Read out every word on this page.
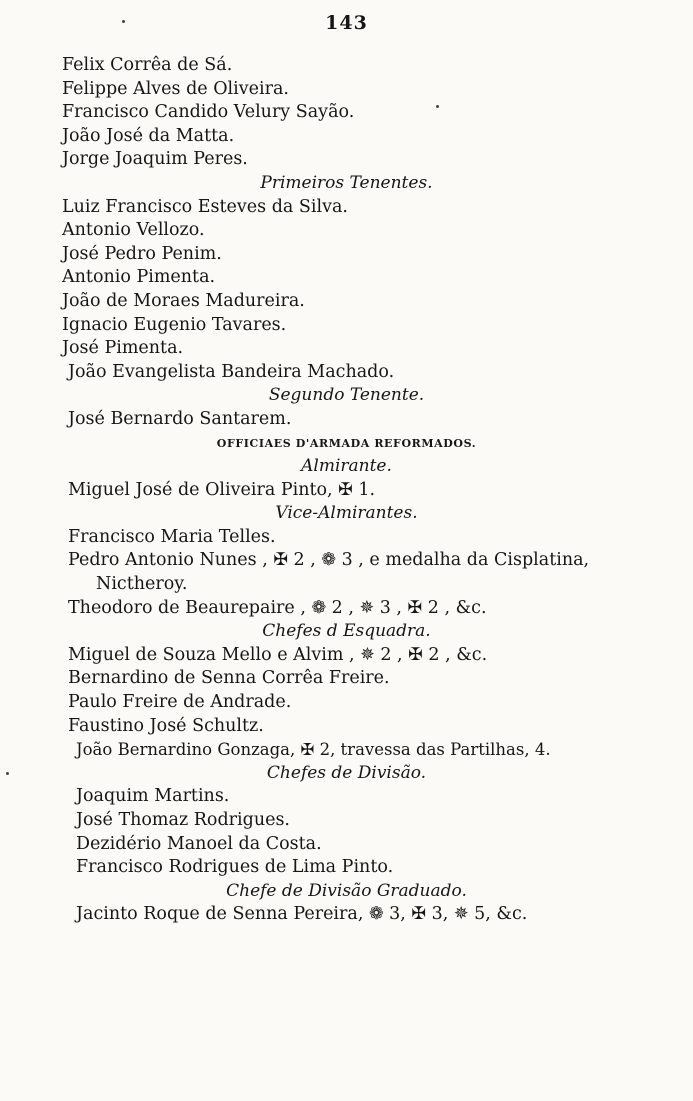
143
Felix Corrêa de Sá.
Felippe Alves de Oliveira.
Francisco Candido Velury Sayão.
João José da Matta.
Jorge Joaquim Peres.
Primeiros Tenentes.
Luiz Francisco Esteves da Silva.
Antonio Vellozo.
José Pedro Penim.
Antonio Pimenta.
João de Moraes Madureira.
Ignacio Eugenio Tavares.
José Pimenta.
João Evangelista Bandeira Machado.
Segundo Tenente.
José Bernardo Santarem.
OFFICIAES D'ARMADA REFORMADOS.
Almirante.
Miguel José de Oliveira Pinto, ✠ 1.
Vice-Almirantes.
Francisco Maria Telles.
Pedro Antonio Nunes , ✠ 2 , ❁ 3 , e medalha da Cisplatina,
Nictheroy.
Theodoro de Beaurepaire , ❁ 2 , ✵ 3 , ✠ 2 , &c.
Chefes d Esquadra.
Miguel de Souza Mello e Alvim , ✵ 2 , ✠ 2 , &c.
Bernardino de Senna Corrêa Freire.
Paulo Freire de Andrade.
Faustino José Schultz.
João Bernardino Gonzaga, ✠ 2, travessa das Partilhas, 4.
Chefes de Divisão.
Joaquim Martins.
José Thomaz Rodrigues.
Dezidério Manoel da Costa.
Francisco Rodrigues de Lima Pinto.
Chefe de Divisão Graduado.
Jacinto Roque de Senna Pereira, ❁ 3, ✠ 3, ✵ 5, &c.
